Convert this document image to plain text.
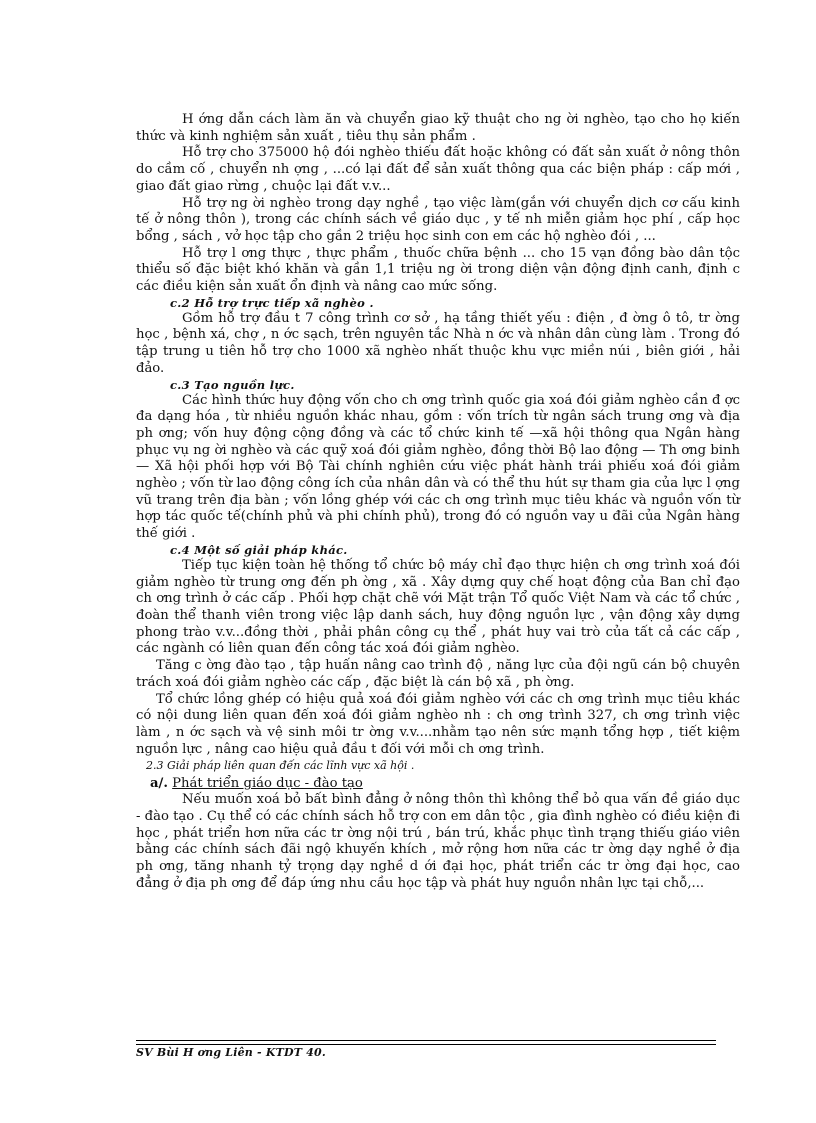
H ớng dẫn cách làm ăn và chuyển giao kỹ thuật cho ng ời nghèo, tạo cho họ kiến thức và kinh nghiệm sản xuất , tiêu thụ sản phẩm .

Hỗ trợ cho 375000 hộ đói nghèo thiếu đất hoặc không có đất sản xuất ở nông thôn do cầm cố , chuyển nh ợng , ...có lại đất để sản xuất thông qua các biện pháp : cấp mới , giao đất giao rừng , chuộc lại đất v.v...

Hỗ trợ ng ời nghèo trong dạy nghề , tạo việc làm(gắn với chuyển dịch cơ cấu kinh tế ở nông thôn ), trong các chính sách về giáo dục , y tế nh miễn giảm học phí , cấp học bổng , sách , vở học tập cho gần 2 triệu học sinh con em các hộ nghèo đói , ...

Hỗ trợ l ơng thực , thực phẩm , thuốc chữa bệnh ... cho 15 vạn đồng bào dân tộc thiểu số đặc biệt khó khăn và gần 1,1 triệu ng ời trong diện vận động định canh, định c các điều kiện sản xuất ổn định và nâng cao mức sống.

c.2 Hỗ trợ trực tiếp xã nghèo .

Gồm hỗ trợ đầu t 7 công trình cơ sở , hạ tầng thiết yếu : điện , đ ờng ô tô, tr ờng học , bệnh xá, chợ , n ớc sạch, trên nguyên tắc Nhà n ớc và nhân dân cùng làm . Trong đó tập trung u tiên hỗ trợ cho 1000 xã nghèo nhất thuộc khu vực miền núi , biên giới , hải đảo.

c.3 Tạo nguồn lực.

Các hình thức huy động vốn cho ch ơng trình quốc gia xoá đói giảm nghèo cần đ ợc đa dạng hóa , từ nhiều nguồn khác nhau, gồm : vốn trích từ ngân sách trung ơng và địa ph ơng; vốn huy động cộng đồng và các tổ chức kinh tế —xã hội thông qua Ngân hàng phục vụ ng ời nghèo và các quỹ xoá đói giảm nghèo, đồng thời Bộ lao động — Th ơng binh — Xã hội phối hợp với Bộ Tài chính nghiên cứu việc phát hành trái phiếu xoá đói giảm nghèo ; vốn từ lao động công ích của nhân dân và có thể thu hút sự tham gia của lực l ợng vũ trang trên địa bàn ; vốn lồng ghép với các ch ơng trình mục tiêu khác và nguồn vốn từ hợp tác quốc tế(chính phủ và phi chính phủ), trong đó có nguồn vay u đãi của Ngân hàng thế giới .

c.4 Một số giải pháp khác.

Tiếp tục kiện toàn hệ thống tổ chức bộ máy chỉ đạo thực hiện ch ơng trình xoá đói giảm nghèo từ trung ơng đến ph ờng , xã . Xây dựng quy chế hoạt động của Ban chỉ đạo ch ơng trình ở các cấp . Phối hợp chặt chẽ với Mặt trận Tổ quốc Việt Nam và các tổ chức , đoàn thể thanh viên trong việc lập danh sách, huy động nguồn lực , vận động xây dựng phong trào v.v...đồng thời , phải phân công cụ thể , phát huy vai trò của tất cả các cấp , các ngành có liên quan đến công tác xoá đói giảm nghèo.

Tăng c ờng đào tạo , tập huấn nâng cao trình độ , năng lực của đội ngũ cán bộ chuyên trách xoá đói giảm nghèo các cấp , đặc biệt là cán bộ xã , ph ờng.

Tổ chức lồng ghép có hiệu quả xoá đói giảm nghèo với các ch ơng trình mục tiêu khác có nội dung liên quan đến xoá đói giảm nghèo nh : ch ơng trình 327, ch ơng trình việc làm , n ớc sạch và vệ sinh môi tr ờng v.v....nhằm tạo nên sức mạnh tổng hợp , tiết kiệm nguồn lực , nâng cao hiệu quả đầu t đối với mỗi ch ơng trình.

2.3 Giải pháp liên quan đến các lĩnh vực xã hội .

a/. Phát triển giáo dục - đào tạo

Nếu muốn xoá bỏ bất bình đẳng ở nông thôn thì không thể bỏ qua vấn đề giáo dục - đào tạo . Cụ thể có các chính sách hỗ trợ con em dân tộc , gia đình nghèo có điều kiện đi học , phát triển hơn nữa các tr ờng nội trú , bán trú, khắc phục tình trạng thiếu giáo viên bằng các chính sách đãi ngộ khuyến khích , mở rộng hơn nữa các tr ờng dạy nghề ở địa ph ơng, tăng nhanh tỷ trọng dạy nghề d ới đại học, phát triển các tr ờng đại học, cao đẳng ở địa ph ơng để đáp ứng nhu cầu học tập và phát huy nguồn nhân lực tại chỗ,...

SV Bùi H ơng Liên - KTDT 40.
